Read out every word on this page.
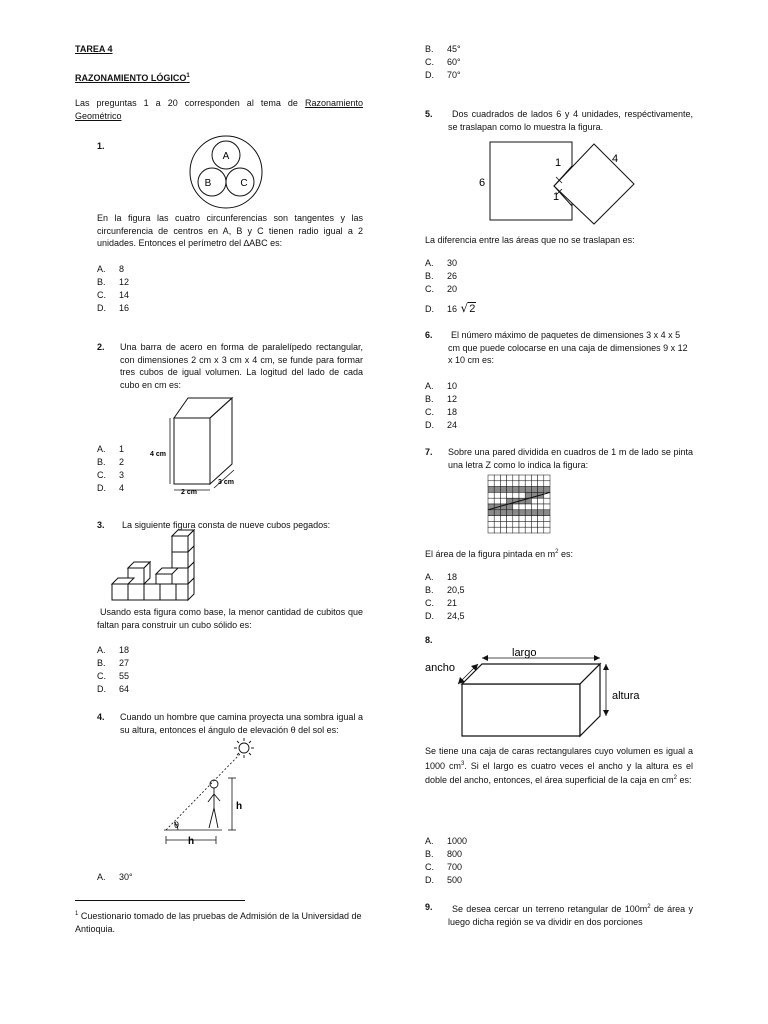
TAREA 4
RAZONAMIENTO LÓGICO$^1$
Las preguntas 1 a 20 corresponden al tema de Razonamiento Geométrico
1.
A
B	C
En la figura las cuatro circunferencias son tangentes y las circunferencia de centros en A, B y C tienen radio igual a 2 unidades. Entonces el perímetro del ∆ABC es:
A. 8
B. 12
C. 14
D. 16
2. Una barra de acero en forma de paralelípedo rectangular, con dimensiones 2 cm x 3 cm x 4 cm, se funde para formar tres cubos de igual volumen. La logitud del lado de cada cubo en cm es:
4 cm
2 cm
3 cm
A. 1
B. 2
C. 3
D. 4
3. La siguiente figura consta de nueve cubos pegados:
Usando esta figura como base, la menor cantidad de cubitos que faltan para construir un cubo sólido es:
A. 18
B. 27
C. 55
D. 64
4. Cuando un hombre que camina proyecta una sombra igual a su altura, entonces el ángulo de elevación θ del sol es:
h
h
θ
A. 30°
$^1$ Cuestionario tomado de las pruebas de Admisión de la Universidad de Antioquia.
B. 45°
C. 60°
D. 70°
5.	Dos cuadrados de lados 6 y 4 unidades, respéctivamente, se traslapan como lo muestra la figura.
6
1
1
4
La diferencia entre las áreas que no se traslapan es:
A. 30
B. 26
C. 20
D. 16 √2
6.	El número máximo de paquetes de dimensiones 3 x 4 x 5 cm que puede colocarse en una caja de dimensiones 9 x 12 x 10 cm es:
A. 10
B. 12
C. 18
D. 24
7. Sobre una pared dividida en cuadros de 1 m de lado se pinta una letra Z como lo indica la figura:
El área de la figura pintada en $m^2$ es:
A. 18
B. 20,5
C. 21
D. 24,5
8.
largo
ancho
altura
Se tiene una caja de caras rectangulares cuyo volumen es igual a 1000 $cm^3$. Si el largo es cuatro veces el ancho y la altura es el doble del ancho, entonces, el área superficial de la caja en $cm^2$ es:
A. 1000
B. 800
C. 700
D. 500
9.	Se desea cercar un terreno retangular de $100m^2$ de área y luego dicha región se va dividir en dos porciones
